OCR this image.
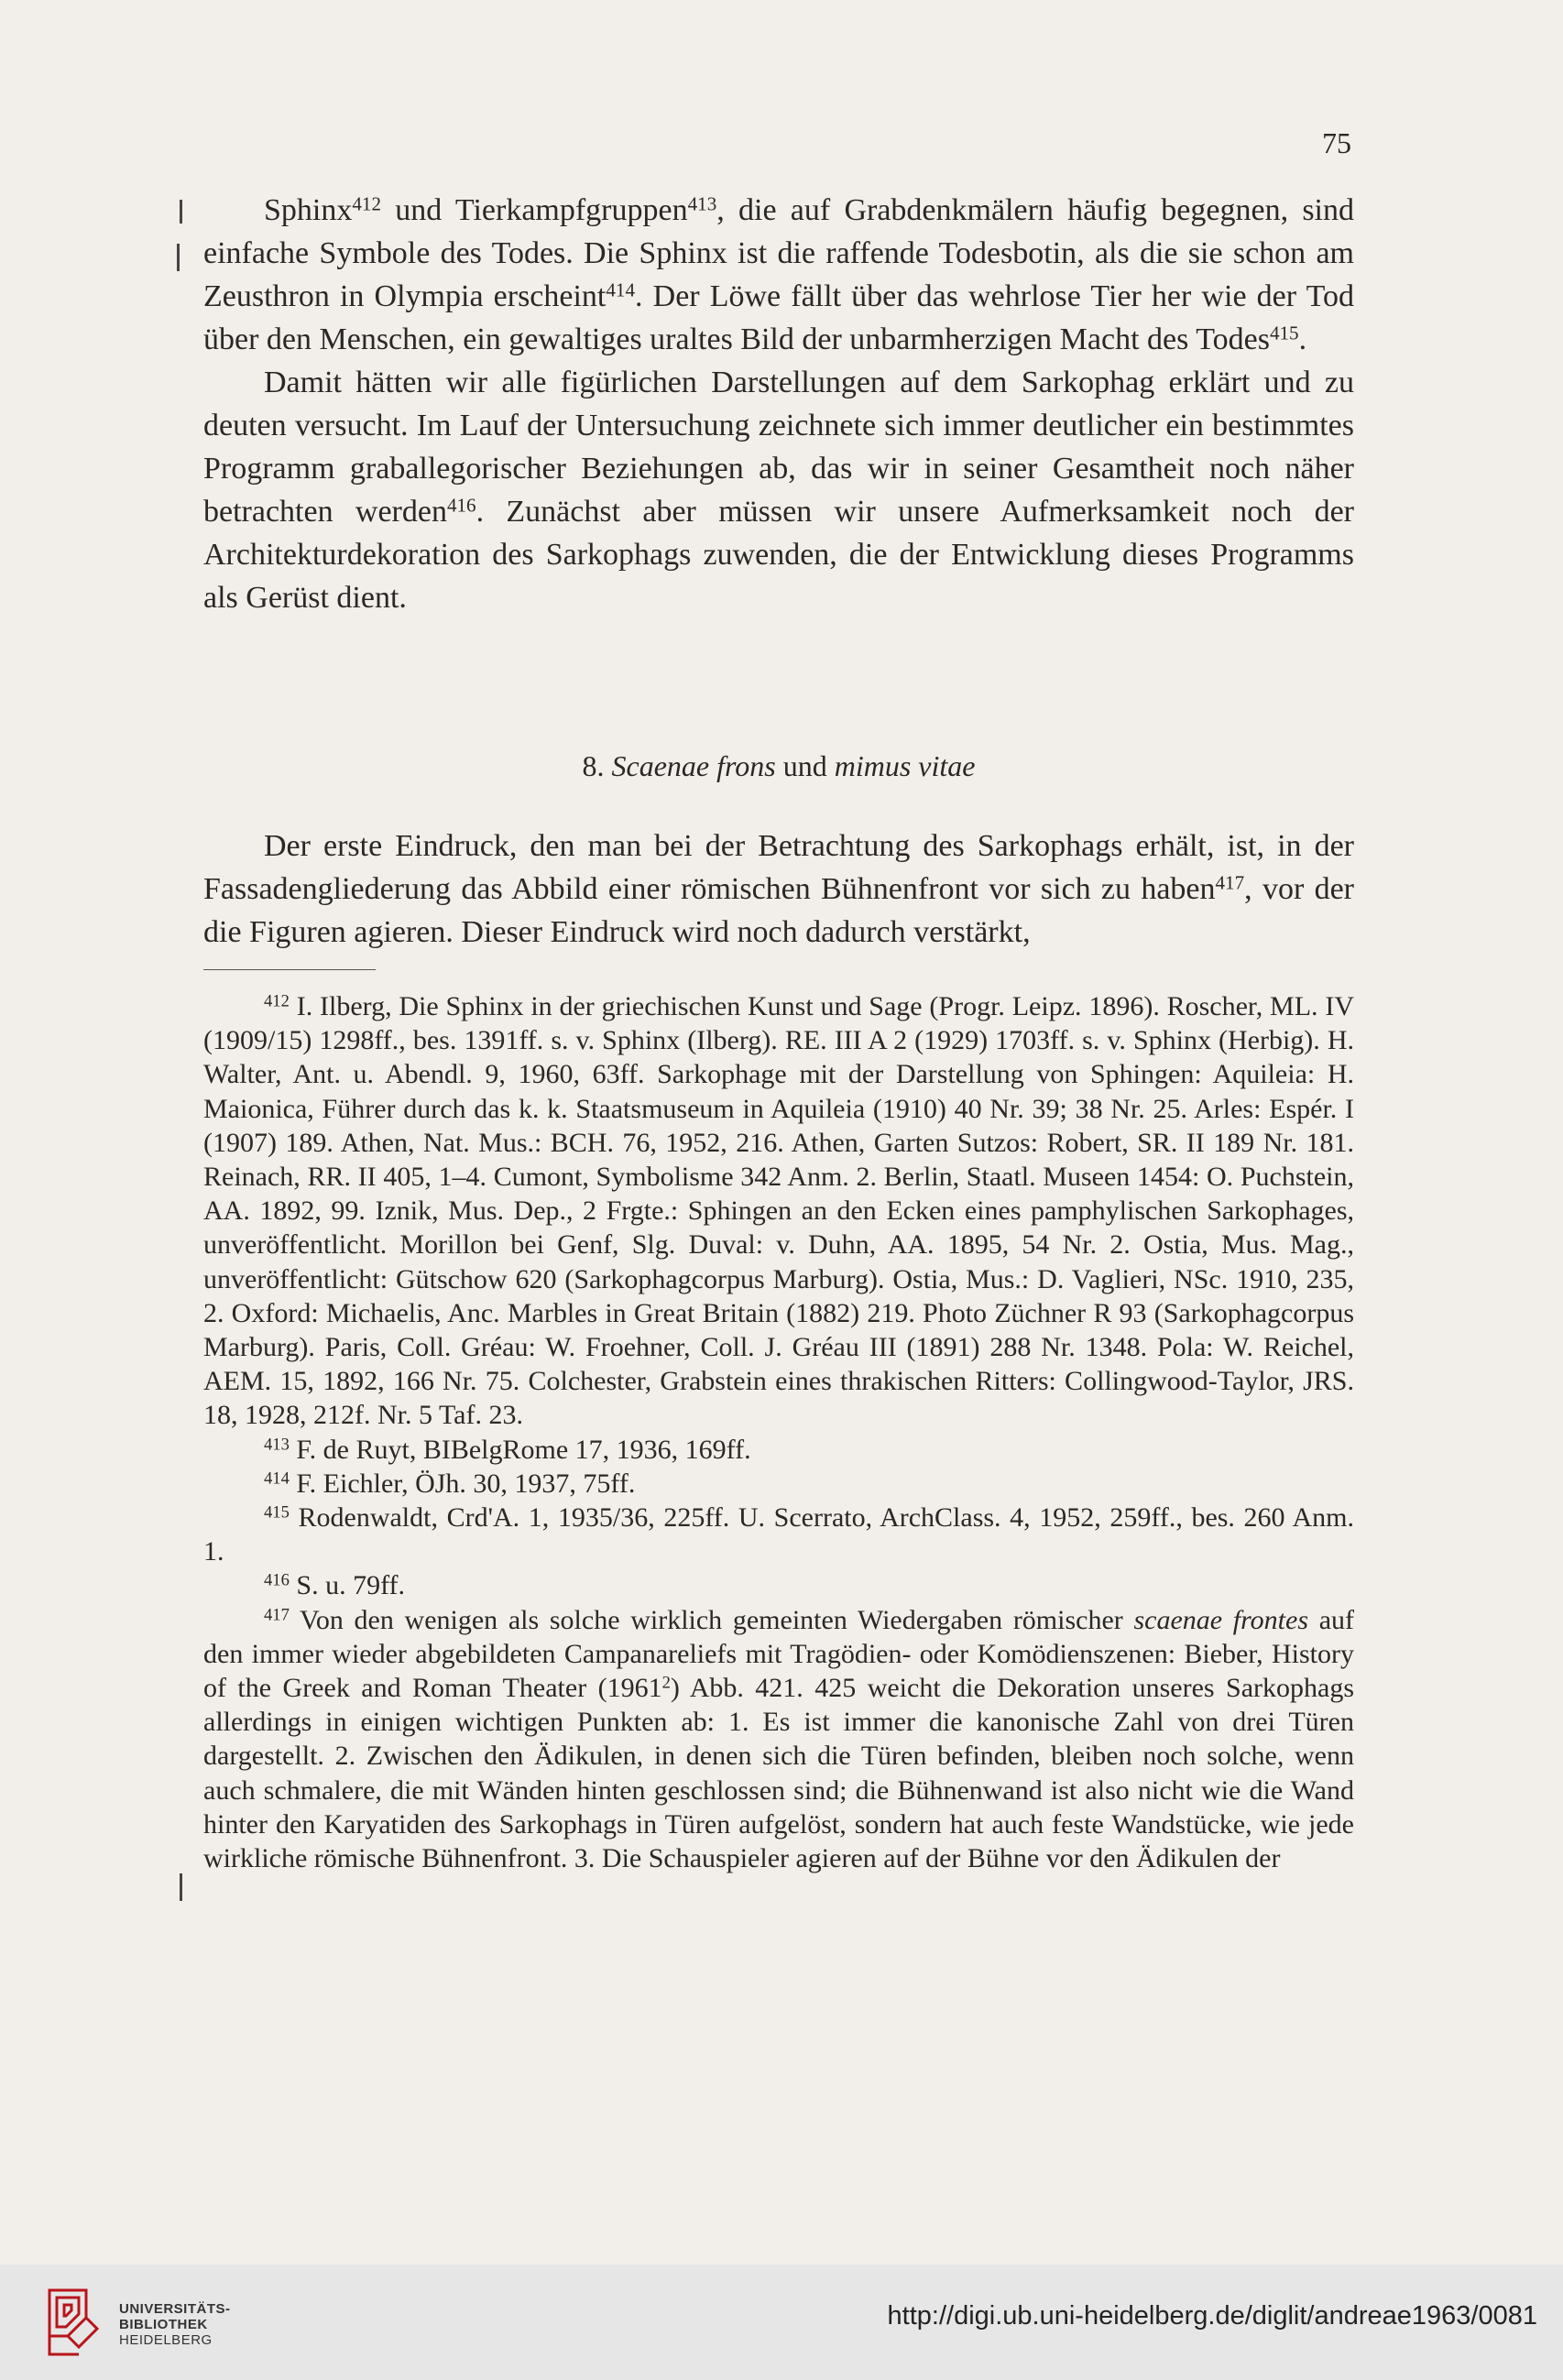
75

Sphinx$^{412}$ und Tierkampfgruppen$^{413}$, die auf Grabdenkmälern häufig begegnen, sind einfache Symbole des Todes. Die Sphinx ist die raffende Todesbotin, als die sie schon am Zeusthron in Olympia erscheint$^{414}$. Der Löwe fällt über das wehrlose Tier her wie der Tod über den Menschen, ein gewaltiges uraltes Bild der unbarmherzigen Macht des Todes$^{415}$.

Damit hätten wir alle figürlichen Darstellungen auf dem Sarkophag erklärt und zu deuten versucht. Im Lauf der Untersuchung zeichnete sich immer deutlicher ein bestimmtes Programm graballegorischer Beziehungen ab, das wir in seiner Gesamtheit noch näher betrachten werden$^{416}$. Zunächst aber müssen wir unsere Aufmerksamkeit noch der Architekturdekoration des Sarkophags zuwenden, die der Entwicklung dieses Programms als Gerüst dient.

8. Scaenae frons und mimus vitae

Der erste Eindruck, den man bei der Betrachtung des Sarkophags erhält, ist, in der Fassadengliederung das Abbild einer römischen Bühnenfront vor sich zu haben$^{417}$, vor der die Figuren agieren. Dieser Eindruck wird noch dadurch verstärkt,

$^{412}$ I. Ilberg, Die Sphinx in der griechischen Kunst und Sage (Progr. Leipz. 1896). Roscher, ML. IV (1909/15) 1298ff., bes. 1391ff. s. v. Sphinx (Ilberg). RE. III A 2 (1929) 1703ff. s. v. Sphinx (Herbig). H. Walter, Ant. u. Abendl. 9, 1960, 63ff. Sarkophage mit der Darstellung von Sphingen: Aquileia: H. Maionica, Führer durch das k. k. Staatsmuseum in Aquileia (1910) 40 Nr. 39; 38 Nr. 25. Arles: Espér. I (1907) 189. Athen, Nat. Mus.: BCH. 76, 1952, 216. Athen, Garten Sutzos: Robert, SR. II 189 Nr. 181. Reinach, RR. II 405, 1–4. Cumont, Symbolisme 342 Anm. 2. Berlin, Staatl. Museen 1454: O. Puchstein, AA. 1892, 99. Iznik, Mus. Dep., 2 Frgte.: Sphingen an den Ecken eines pamphylischen Sarkophages, unveröffentlicht. Morillon bei Genf, Slg. Duval: v. Duhn, AA. 1895, 54 Nr. 2. Ostia, Mus. Mag., unveröffentlicht: Gütschow 620 (Sarkophagcorpus Marburg). Ostia, Mus.: D. Vaglieri, NSc. 1910, 235, 2. Oxford: Michaelis, Anc. Marbles in Great Britain (1882) 219. Photo Züchner R 93 (Sarkophagcorpus Marburg). Paris, Coll. Gréau: W. Froehner, Coll. J. Gréau III (1891) 288 Nr. 1348. Pola: W. Reichel, AEM. 15, 1892, 166 Nr. 75. Colchester, Grabstein eines thrakischen Ritters: Collingwood-Taylor, JRS. 18, 1928, 212f. Nr. 5 Taf. 23.

$^{413}$ F. de Ruyt, BIBelgRome 17, 1936, 169ff.

$^{414}$ F. Eichler, ÖJh. 30, 1937, 75ff.

$^{415}$ Rodenwaldt, Crd'A. 1, 1935/36, 225ff. U. Scerrato, ArchClass. 4, 1952, 259ff., bes. 260 Anm. 1.

$^{416}$ S. u. 79ff.

$^{417}$ Von den wenigen als solche wirklich gemeinten Wiedergaben römischer scaenae frontes auf den immer wieder abgebildeten Campanareliefs mit Tragödien- oder Komödienszenen: Bieber, History of the Greek and Roman Theater (1961$^2$) Abb. 421. 425 weicht die Dekoration unseres Sarkophags allerdings in einigen wichtigen Punkten ab: 1. Es ist immer die kanonische Zahl von drei Türen dargestellt. 2. Zwischen den Ädikulen, in denen sich die Türen befinden, bleiben noch solche, wenn auch schmalere, die mit Wänden hinten geschlossen sind; die Bühnenwand ist also nicht wie die Wand hinter den Karyatiden des Sarkophags in Türen aufgelöst, sondern hat auch feste Wandstücke, wie jede wirkliche römische Bühnenfront. 3. Die Schauspieler agieren auf der Bühne vor den Ädikulen der

UNIVERSITÄTS-
BIBLIOTHEK
HEIDELBERG
http://digi.ub.uni-heidelberg.de/diglit/andreae1963/0081
